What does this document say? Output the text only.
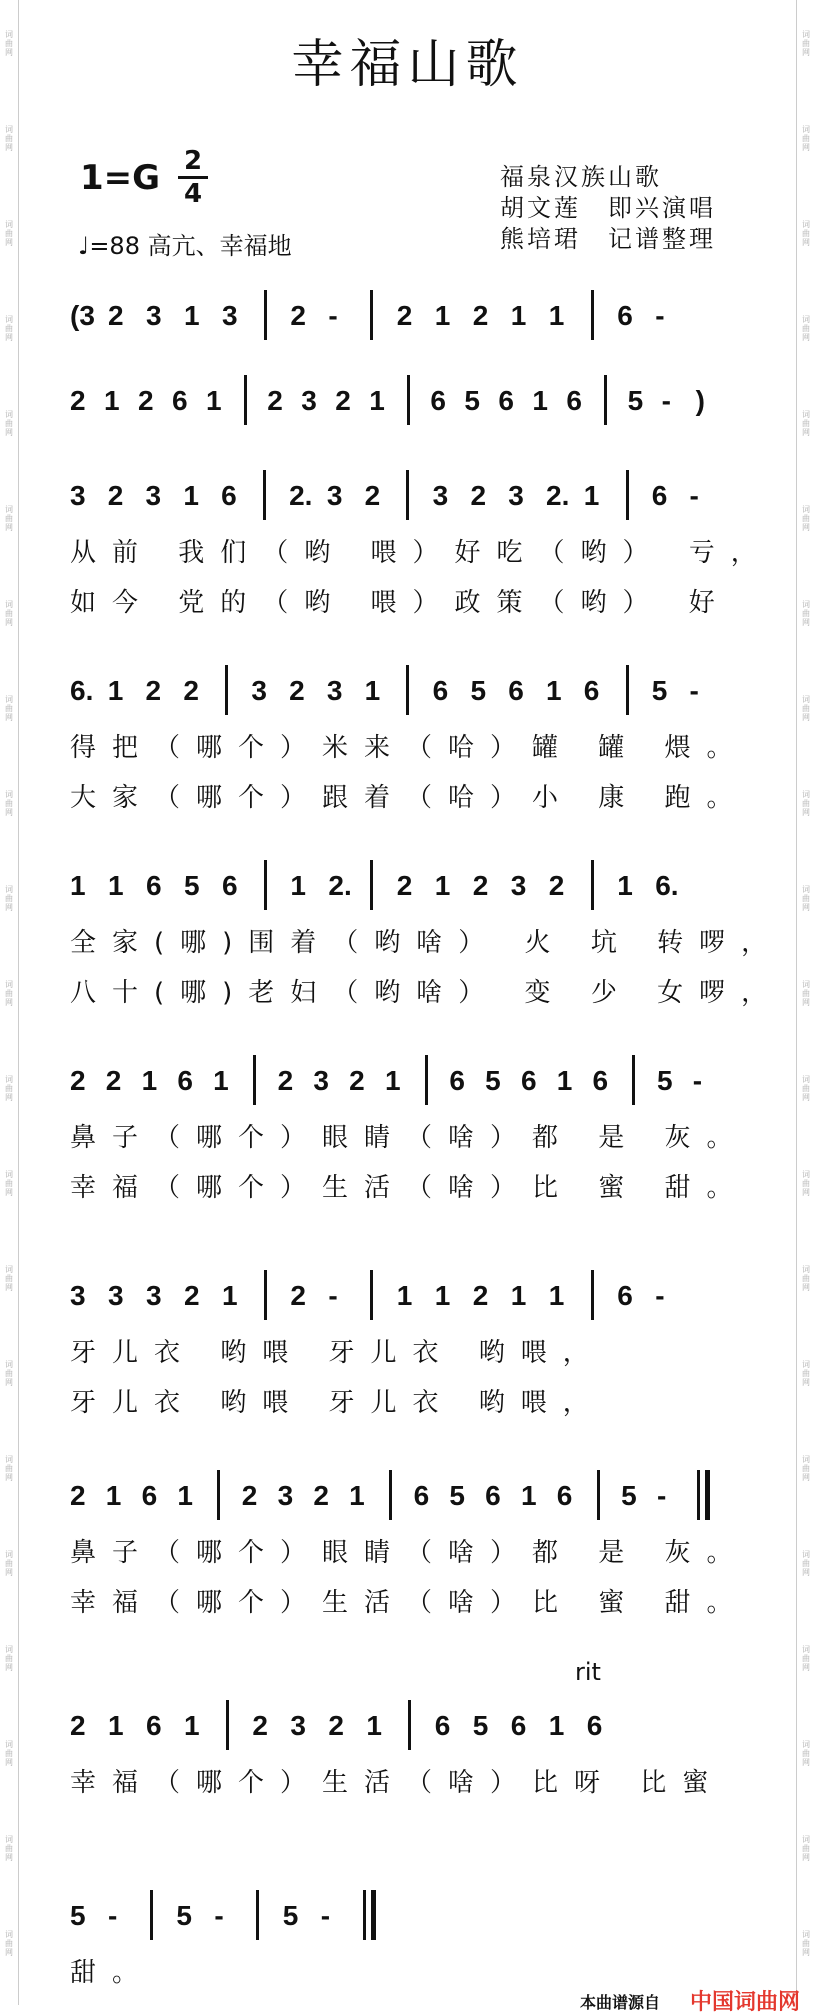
幸福山歌
1=G 2
4
♩=88 高亢、幸福地
福泉汉族山歌
胡文莲　即兴演唱
熊培珺　记谱整理
(3 2 3 1 3 2 - 2 1 2 1 1 6 -
2 1 2 6 1 2 3 2 1 6 5 6 1 6 5 - )
3 2 3 1 6 2. 3 2 3 2 3 2. 1 6 -
从前 我们（哟 喂）好吃（哟） 亏，
如今 党的（哟 喂）政策（哟） 好
6. 1 2 2 3 2 3 1 6 5 6 1 6 5 -
得把（哪个）米来（哈）罐 罐 煨。
大家（哪个）跟着（哈）小 康 跑。
1 1 6 5 6 1 2. 2 1 2 3 2 1 6.
全家(哪)围着（哟啥） 火 坑 转啰，
八十(哪)老妇（哟啥） 变 少 女啰，
2 2 1 6 1 2 3 2 1 6 5 6 1 6 5 -
鼻子（哪个）眼睛（啥）都 是 灰。
幸福（哪个）生活（啥）比 蜜 甜。
3 3 3 2 1 2 - 1 1 2 1 1 6 -
牙儿衣 哟喂 牙儿衣 哟喂，
牙儿衣 哟喂 牙儿衣 哟喂，
2 1 6 1 2 3 2 1 6 5 6 1 6 5 -
鼻子（哪个）眼睛（啥）都 是 灰。
幸福（哪个）生活（啥）比 蜜 甜。
2 1 6 1 2 3 2 1 6 5 6 1 6
rit
幸福（哪个）生活（啥）比呀 比蜜
5 - 5 - 5 -
甜。
本曲谱源自 中国词曲网
词
曲
网
词
曲
网
词
曲
网
词
曲
网
词
曲
网
词
曲
网
词
曲
网
词
曲
网
词
曲
网
词
曲
网
词
曲
网
词
曲
网
词
曲
网
词
曲
网
词
曲
网
词
曲
网
词
曲
网
词
曲
网
词
曲
网
词
曲
网
词
曲
网
词
曲
网
词
曲
网
词
曲
网
词
曲
网
词
曲
网
词
曲
网
词
曲
网
词
曲
网
词
曲
网
词
曲
网
词
曲
网
词
曲
网
词
曲
网
词
曲
网
词
曲
网
词
曲
网
词
曲
网
词
曲
网
词
曲
网
词
曲
网
词
曲
网
